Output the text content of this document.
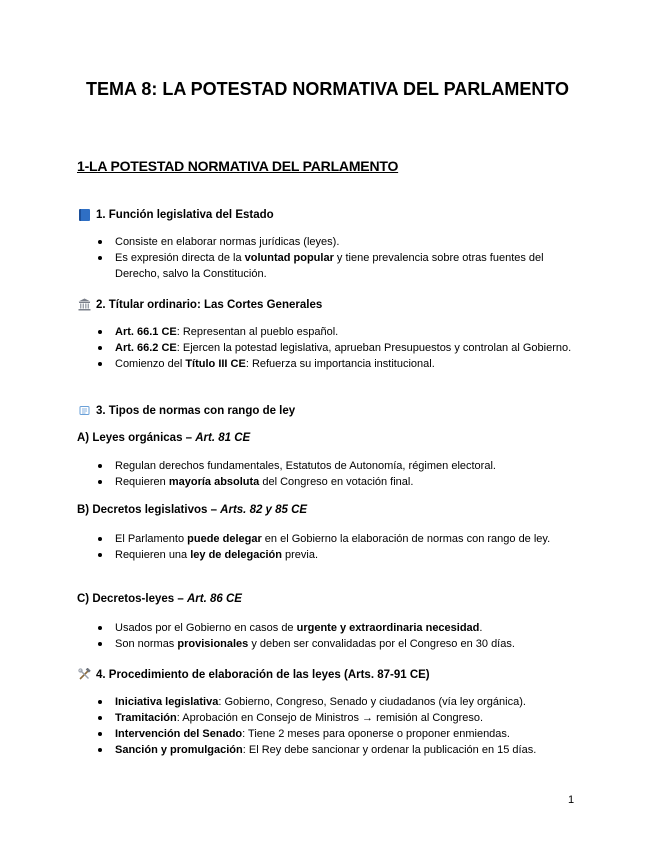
TEMA 8: LA POTESTAD NORMATIVA DEL PARLAMENTO
1-LA POTESTAD NORMATIVA DEL PARLAMENTO
1. Función legislativa del Estado
Consiste en elaborar normas jurídicas (leyes).
Es expresión directa de la voluntad popular y tiene prevalencia sobre otras fuentes del Derecho, salvo la Constitución.
2. Títular ordinario: Las Cortes Generales
Art. 66.1 CE: Representan al pueblo español.
Art. 66.2 CE: Ejercen la potestad legislativa, aprueban Presupuestos y controlan al Gobierno.
Comienzo del Título III CE: Refuerza su importancia institucional.
3. Tipos de normas con rango de ley
A) Leyes orgánicas – Art. 81 CE
Regulan derechos fundamentales, Estatutos de Autonomía, régimen electoral.
Requieren mayoría absoluta del Congreso en votación final.
B) Decretos legislativos – Arts. 82 y 85 CE
El Parlamento puede delegar en el Gobierno la elaboración de normas con rango de ley.
Requieren una ley de delegación previa.
C) Decretos-leyes – Art. 86 CE
Usados por el Gobierno en casos de urgente y extraordinaria necesidad.
Son normas provisionales y deben ser convalidadas por el Congreso en 30 días.
4. Procedimiento de elaboración de las leyes (Arts. 87-91 CE)
Iniciativa legislativa: Gobierno, Congreso, Senado y ciudadanos (vía ley orgánica).
Tramitación: Aprobación en Consejo de Ministros → remisión al Congreso.
Intervención del Senado: Tiene 2 meses para oponerse o proponer enmiendas.
Sanción y promulgación: El Rey debe sancionar y ordenar la publicación en 15 días.
1
